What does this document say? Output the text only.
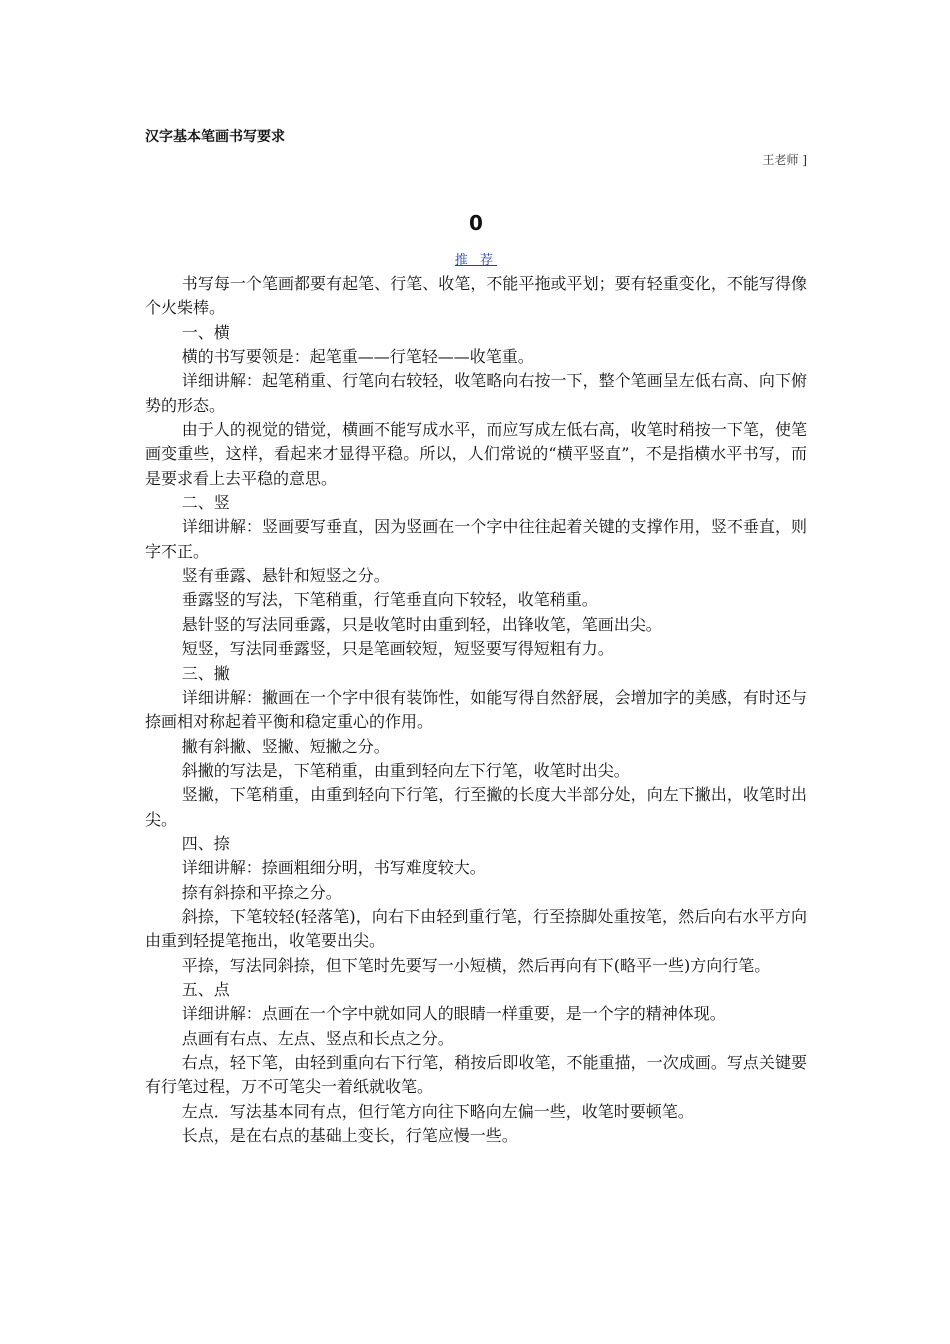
汉字基本笔画书写要求
王老师 ]
0
推 荐

书写每一个笔画都要有起笔、行笔、收笔，不能平拖或平划；要有轻重变化，不能写得像个火柴棒。

一、横

横的书写要领是：起笔重——行笔轻——收笔重。

详细讲解：起笔稍重、行笔向右较轻，收笔略向右按一下，整个笔画呈左低右高、向下俯势的形态。

由于人的视觉的错觉，横画不能写成水平，而应写成左低右高，收笔时稍按一下笔，使笔画变重些，这样，看起来才显得平稳。所以，人们常说的“横平竖直”，不是指横水平书写，而是要求看上去平稳的意思。

二、竖

详细讲解：竖画要写垂直，因为竖画在一个字中往往起着关键的支撑作用，竖不垂直，则字不正。

竖有垂露、悬针和短竖之分。

垂露竖的写法，下笔稍重，行笔垂直向下较轻，收笔稍重。

悬针竖的写法同垂露，只是收笔时由重到轻，出锋收笔，笔画出尖。

短竖，写法同垂露竖，只是笔画较短，短竖要写得短粗有力。

三、撇

详细讲解：撇画在一个字中很有装饰性，如能写得自然舒展，会增加字的美感，有时还与捺画相对称起着平衡和稳定重心的作用。

撇有斜撇、竖撇、短撇之分。

斜撇的写法是，下笔稍重，由重到轻向左下行笔，收笔时出尖。

竖撇，下笔稍重，由重到轻向下行笔，行至撇的长度大半部分处，向左下撇出，收笔时出尖。

四、捺

详细讲解：捺画粗细分明，书写难度较大。

捺有斜捺和平捺之分。

斜捺，下笔较轻(轻落笔)，向右下由轻到重行笔，行至捺脚处重按笔，然后向右水平方向由重到轻提笔拖出，收笔要出尖。

平捺，写法同斜捺，但下笔时先要写一小短横，然后再向有下(略平一些)方向行笔。

五、点

详细讲解：点画在一个字中就如同人的眼睛一样重要，是一个字的精神体现。

点画有右点、左点、竖点和长点之分。

右点，轻下笔，由轻到重向右下行笔，稍按后即收笔，不能重描，一次成画。写点关键要有行笔过程，万不可笔尖一着纸就收笔。

左点．写法基本同有点，但行笔方向往下略向左偏一些，收笔时要顿笔。

长点，是在右点的基础上变长，行笔应慢一些。
